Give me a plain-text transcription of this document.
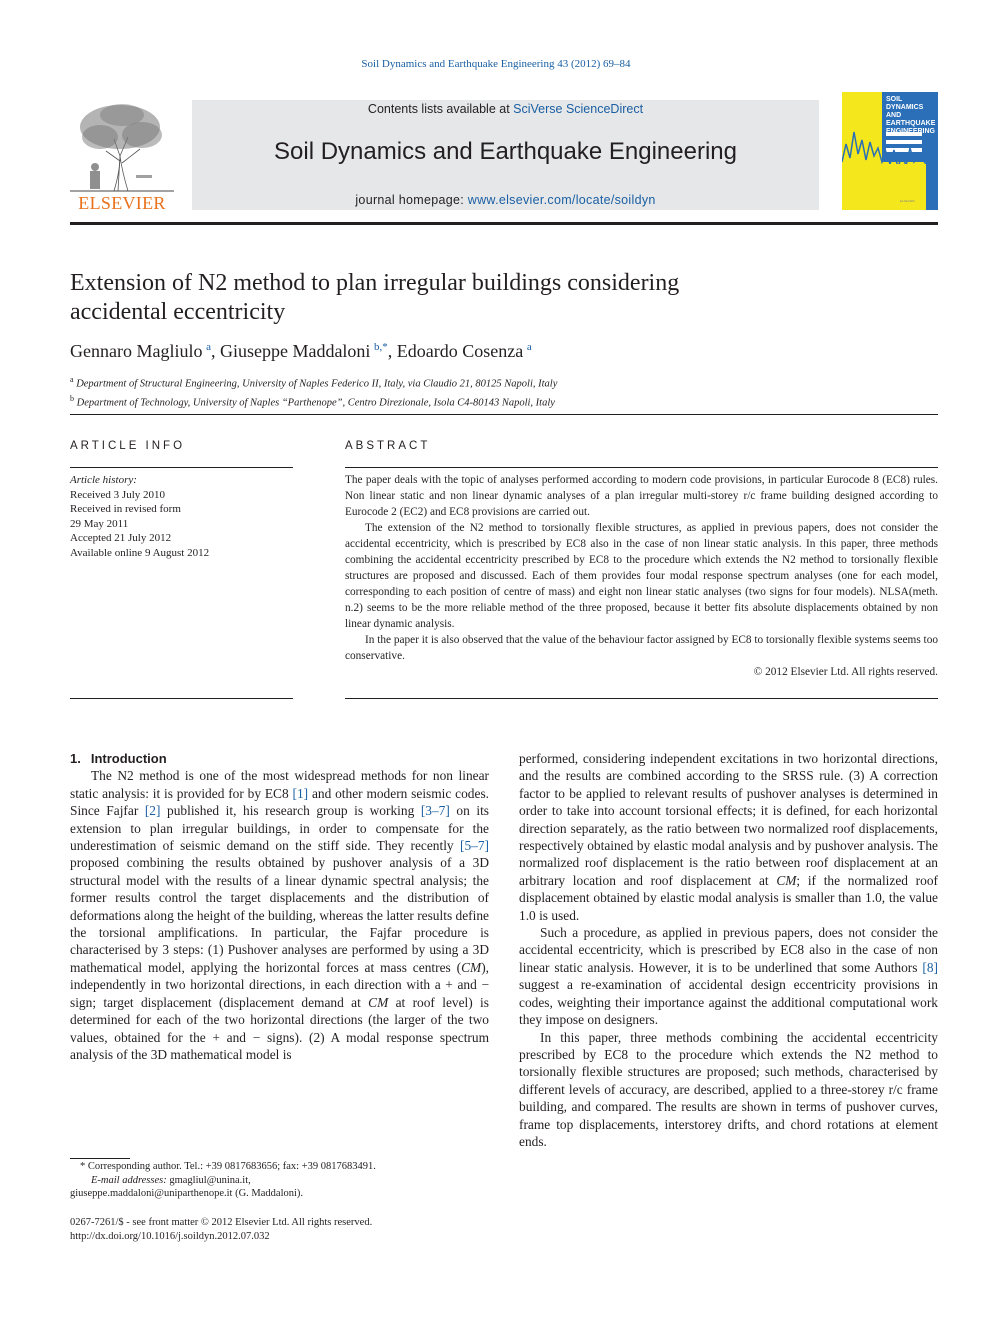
Soil Dynamics and Earthquake Engineering 43 (2012) 69–84
ELSEVIER
Contents lists available at SciVerse ScienceDirect
Soil Dynamics and Earthquake Engineering
journal homepage: www.elsevier.com/locate/soildyn	ELSEVIER
SOIL
DYNAMICS
AND
EARTHQUAKE
ENGINEERING
Extension of N2 method to plan irregular buildings considering
accidental eccentricity
Gennaro Magliulo  $^a$, Giuseppe Maddaloni  $^{b,*}$, Edoardo Cosenza  $^a$
$^a$ Department of Structural Engineering, University of Naples Federico II, Italy, via Claudio 21, 80125 Napoli, Italy
$^b$ Department of Technology, University of Naples “Parthenope”, Centro Direzionale, Isola C4-80143 Napoli, Italy
ARTICLE INFO
Article history:
Received 3 July 2010
Received in revised form
29 May 2011
Accepted 21 July 2012
Available online 9 August 2012
ABSTRACT

The paper deals with the topic of analyses performed according to modern code provisions, in particular Eurocode 8 (EC8) rules. Non linear static and non linear dynamic analyses of a plan irregular multi-storey r/c frame building designed according to Eurocode 2 (EC2) and EC8 provisions are carried out.

The extension of the N2 method to torsionally flexible structures, as applied in previous papers, does not consider the accidental eccentricity, which is prescribed by EC8 also in the case of non linear static analysis. In this paper, three methods combining the accidental eccentricity prescribed by EC8 to the procedure which extends the N2 method to torsionally flexible structures are proposed and discussed. Each of them provides four modal response spectrum analyses (one for each model, corresponding to each position of centre of mass) and eight non linear static analyses (two signs for four models). NLSA(meth. n.2) seems to be the more reliable method of the three proposed, because it better fits absolute displacements obtained by non linear dynamic analysis.

In the paper it is also observed that the value of the behaviour factor assigned by EC8 to torsionally flexible systems seems too conservative.

© 2012 Elsevier Ltd. All rights reserved.

1. Introduction

The N2 method is one of the most widespread methods for non linear static analysis: it is provided for by EC8 [1] and other modern seismic codes. Since Fajfar [2] published it, his research group is working [3–7] on its extension to plan irregular buildings, in order to compensate for the underestimation of seismic demand on the stiff side. They recently [5–7] proposed combining the results obtained by pushover analysis of a 3D structural model with the results of a linear dynamic spectral analysis; the former results control the target displacements and the distribution of deformations along the height of the building, whereas the latter results define the torsional amplifications. In particular, the Fajfar procedure is characterised by 3 steps: (1) Pushover analyses are performed by using a 3D mathematical model, applying the horizontal forces at mass centres (CM), independently in two horizontal directions, in each direction with a + and − sign; target displacement (displacement demand at CM at roof level) is determined for each of the two horizontal directions (the larger of the two values, obtained for the + and − signs). (2) A modal response spectrum analysis of the 3D mathematical model is

* Corresponding author. Tel.: +39 0817683656; fax: +39 0817683491.
E-mail addresses: gmagliul@unina.it,
giuseppe.maddaloni@uniparthenope.it (G. Maddaloni).
0267-7261/$ - see front matter © 2012 Elsevier Ltd. All rights reserved.
http://dx.doi.org/10.1016/j.soildyn.2012.07.032

performed, considering independent excitations in two horizontal directions, and the results are combined according to the SRSS rule. (3) A correction factor to be applied to relevant results of pushover analyses is determined in order to take into account torsional effects; it is defined, for each horizontal direction separately, as the ratio between two normalized roof displacements, respectively obtained by elastic modal analysis and by pushover analysis. The normalized roof displacement is the ratio between roof displacement at an arbitrary location and roof displacement at CM; if the normalized roof displacement obtained by elastic modal analysis is smaller than 1.0, the value 1.0 is used.

Such a procedure, as applied in previous papers, does not consider the accidental eccentricity, which is prescribed by EC8 also in the case of non linear static analysis. However, it is to be underlined that some Authors [8] suggest a re-examination of accidental design eccentricity provisions in codes, weighting their importance against the additional computational work they impose on designers.

In this paper, three methods combining the accidental eccentricity prescribed by EC8 to the procedure which extends the N2 method to torsionally flexible structures are proposed; such methods, characterised by different levels of accuracy, are described, applied to a three-storey r/c frame building, and compared. The results are shown in terms of pushover curves, frame top displacements, interstorey drifts, and chord rotations at element ends.
